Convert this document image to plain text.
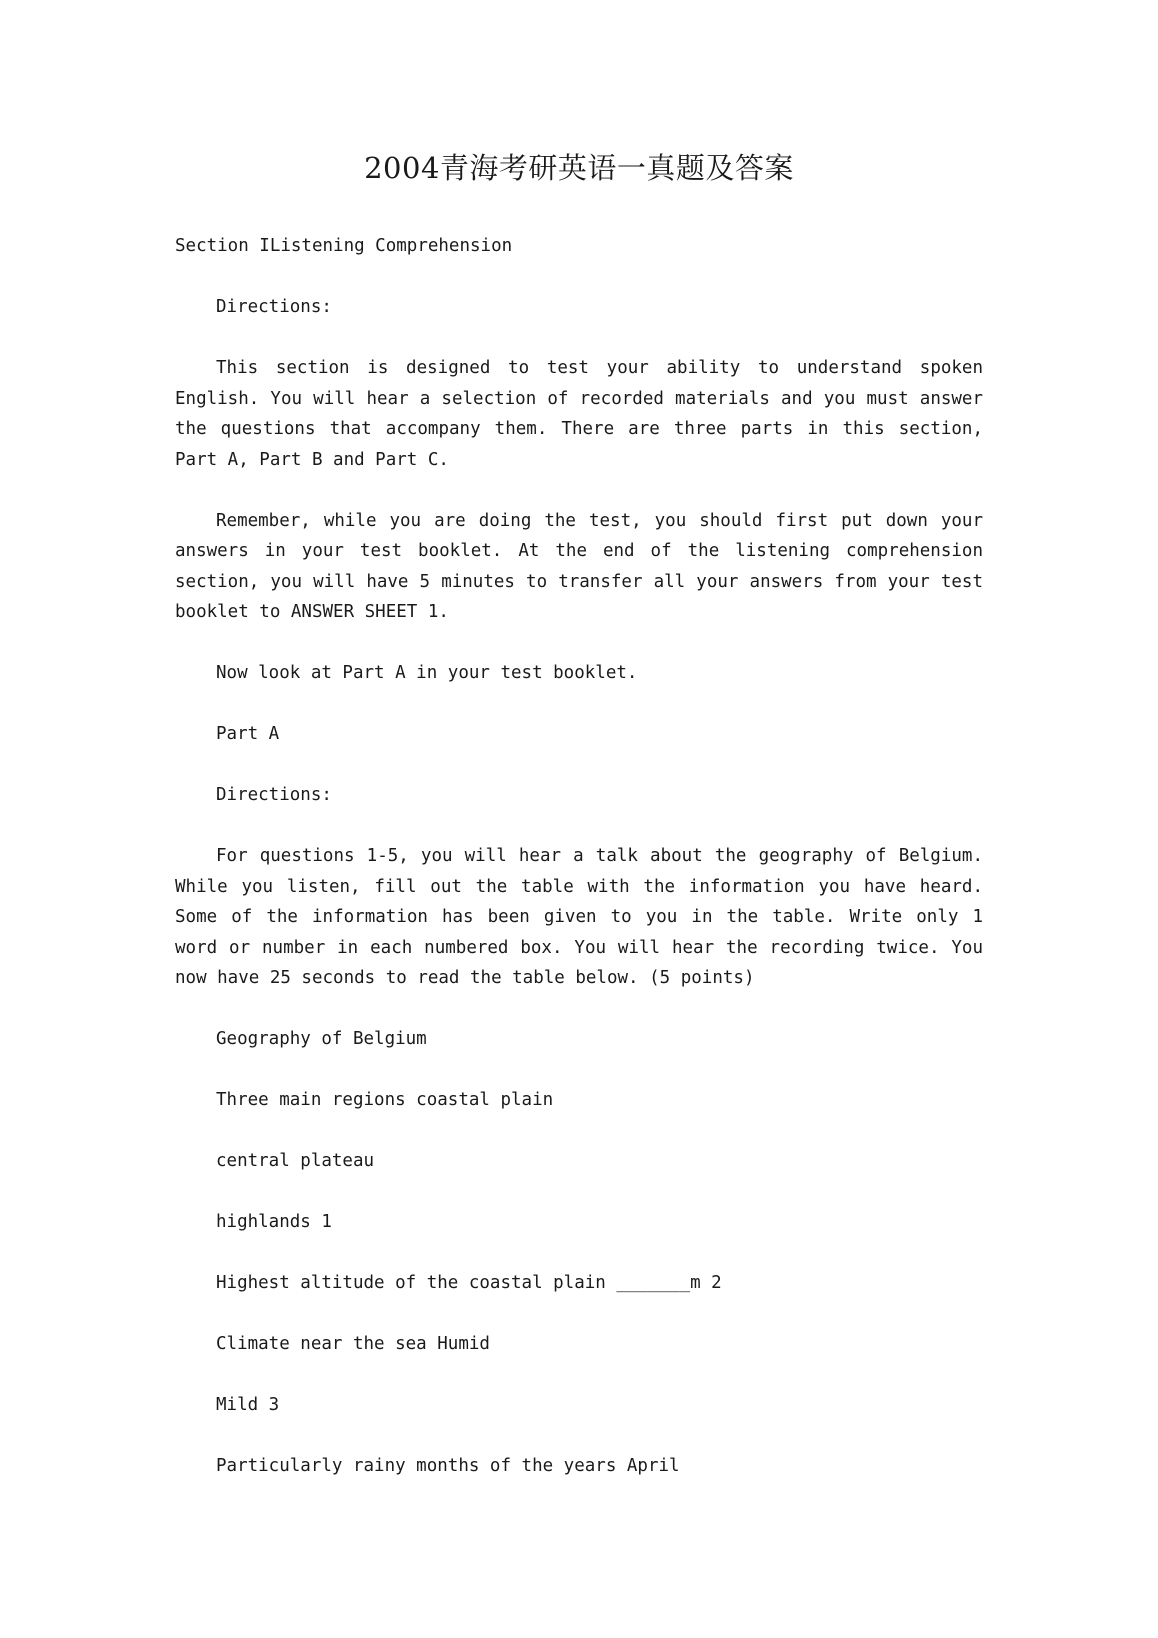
2004青海考研英语一真题及答案

Section IListening Comprehension

Directions:

This section is designed to test your ability to understand spoken English. You will hear a selection of recorded materials and you must answer the questions that accompany them. There are three parts in this section, Part A, Part B and Part C.

Remember, while you are doing the test, you should first put down your answers in your test booklet. At the end of the listening comprehension section, you will have 5 minutes to transfer all your answers from your test booklet to ANSWER SHEET 1.

Now look at Part A in your test booklet.

Part A

Directions:

For questions 1-5, you will hear a talk about the geography of Belgium. While you listen, fill out the table with the information you have heard. Some of the information has been given to you in the table. Write only 1 word or number in each numbered box. You will hear the recording twice. You now have 25 seconds to read the table below. (5 points)

Geography of Belgium

Three main regions coastal plain

central plateau

highlands 1

Highest altitude of the coastal plain _______m 2

Climate near the sea Humid

Mild 3

Particularly rainy months of the years April
